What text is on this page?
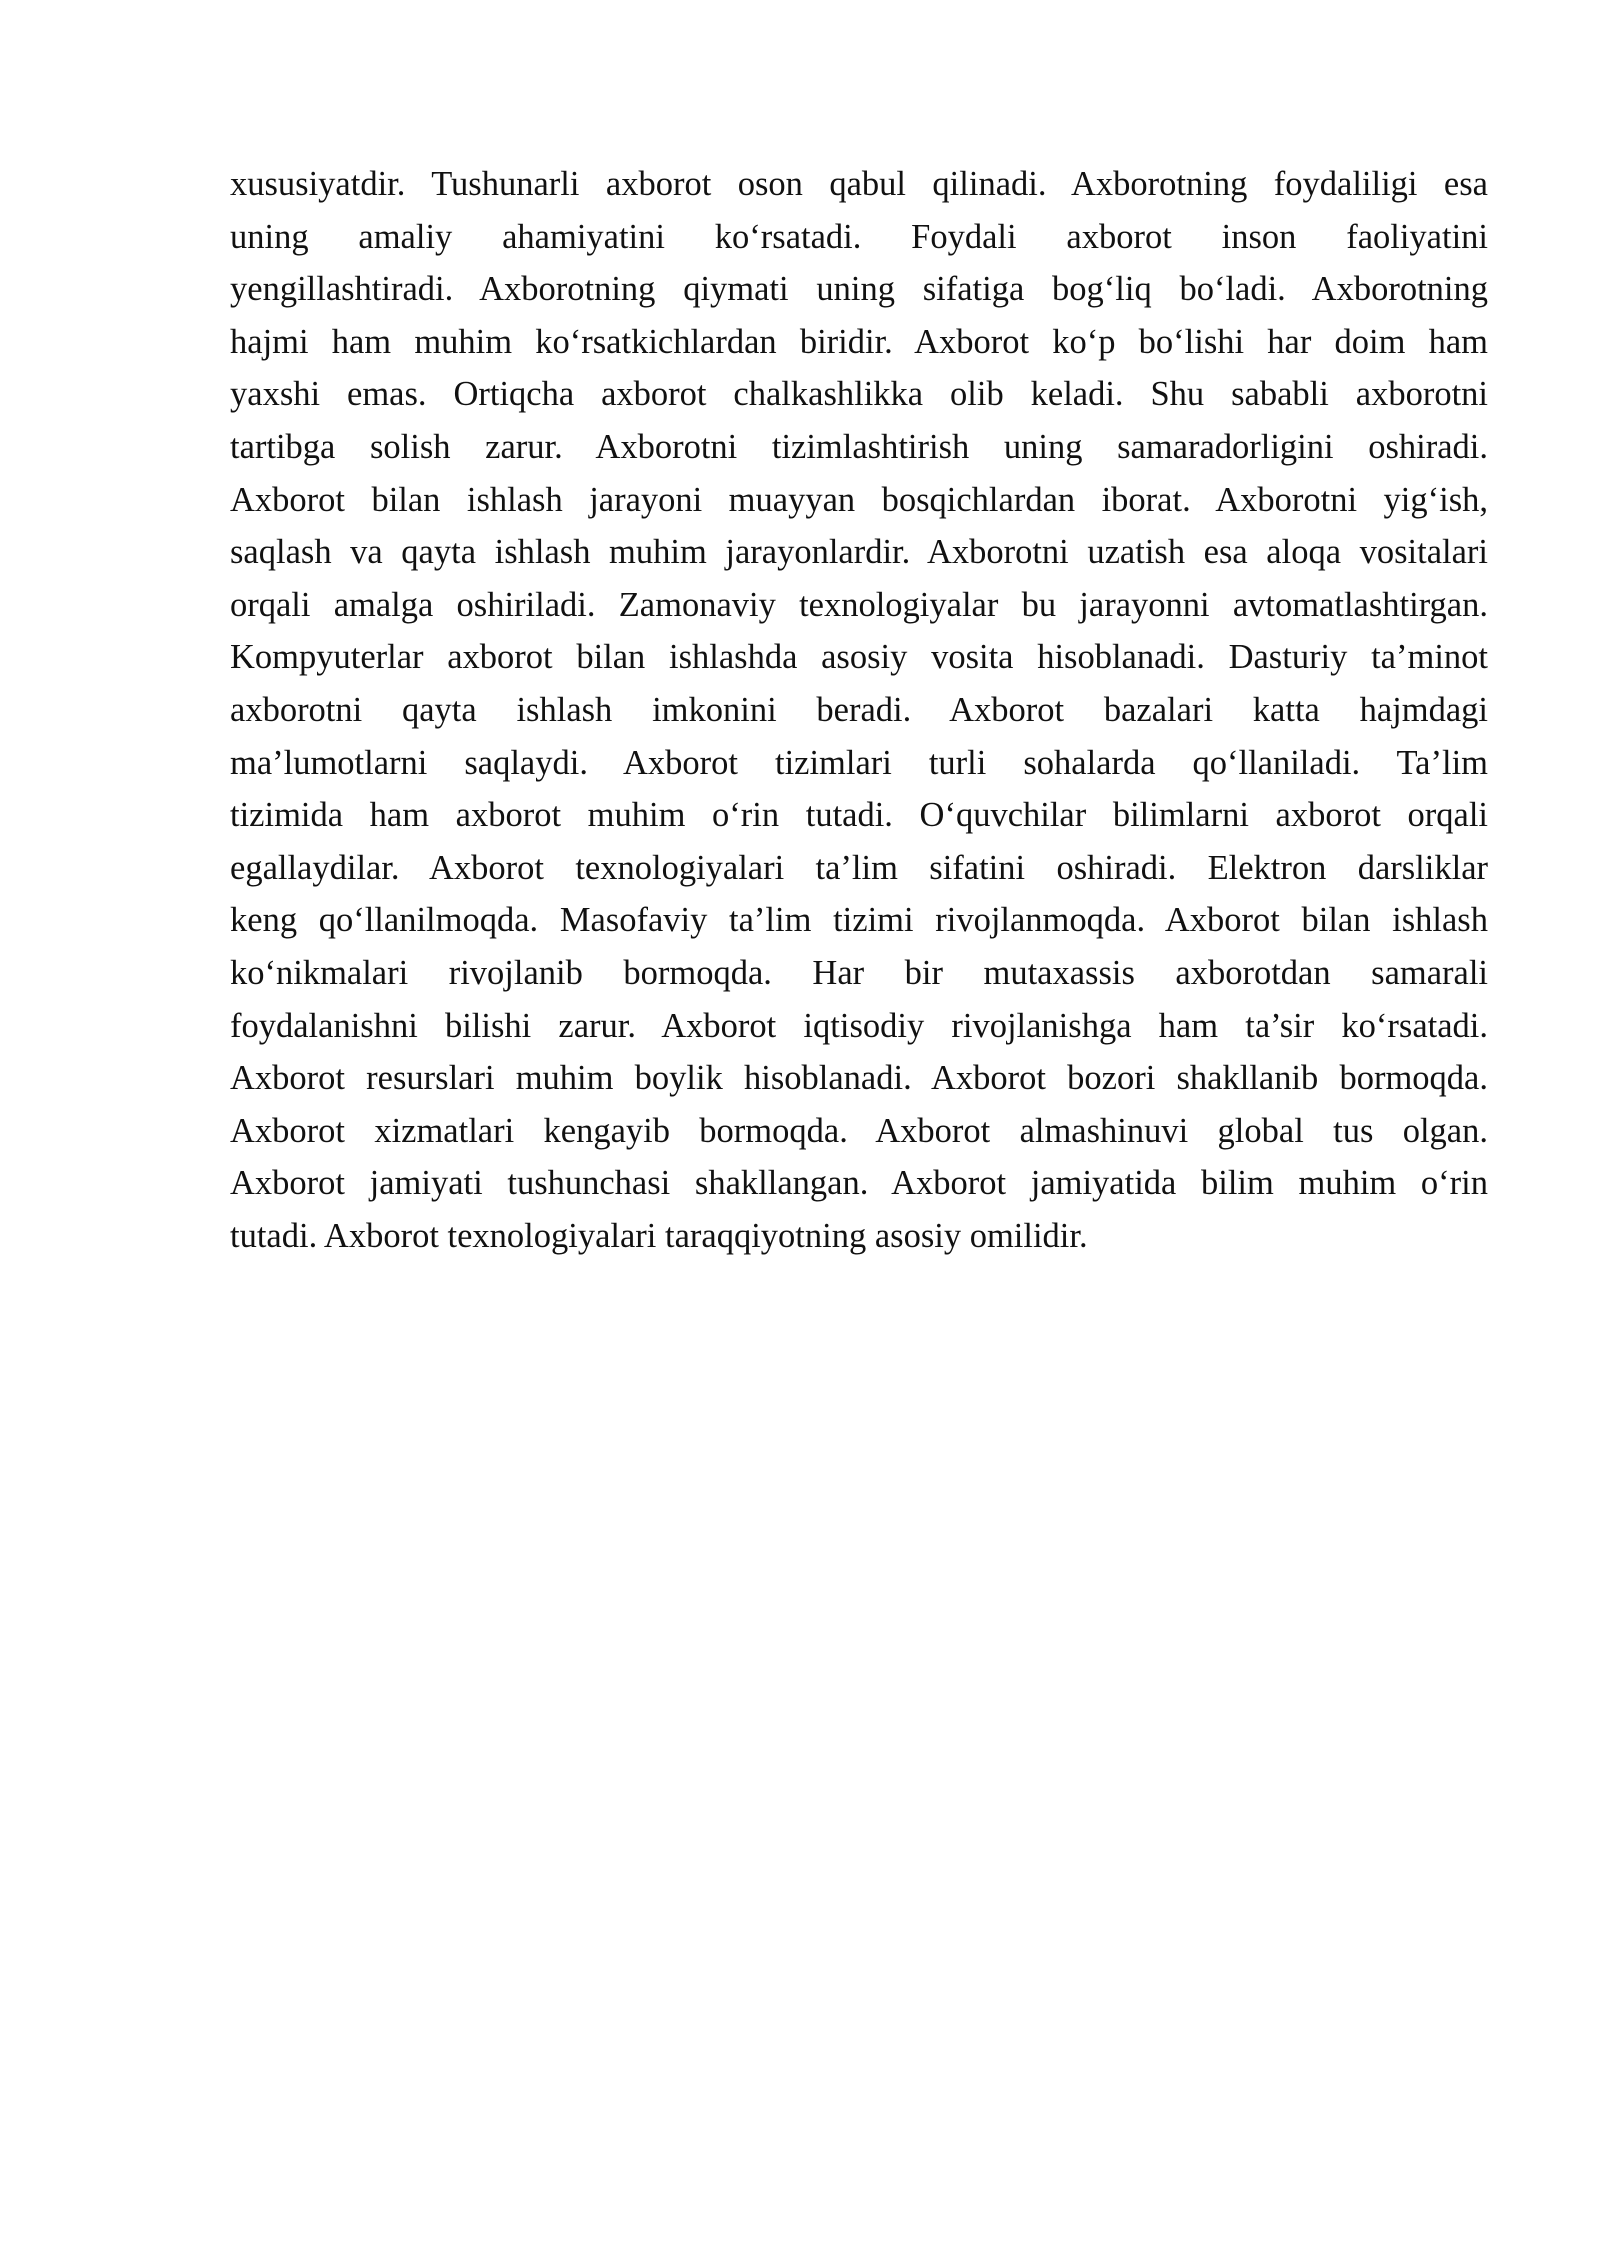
xususiyatdir. Tushunarli axborot oson qabul qilinadi. Axborotning foydaliligi esa
uning amaliy ahamiyatini ko‘rsatadi. Foydali axborot inson faoliyatini
yengillashtiradi. Axborotning qiymati uning sifatiga bog‘liq bo‘ladi. Axborotning
hajmi ham muhim ko‘rsatkichlardan biridir. Axborot ko‘p bo‘lishi har doim ham
yaxshi emas. Ortiqcha axborot chalkashlikka olib keladi. Shu sababli axborotni
tartibga solish zarur. Axborotni tizimlashtirish uning samaradorligini oshiradi.
Axborot bilan ishlash jarayoni muayyan bosqichlardan iborat. Axborotni yig‘ish,
saqlash va qayta ishlash muhim jarayonlardir. Axborotni uzatish esa aloqa vositalari
orqali amalga oshiriladi. Zamonaviy texnologiyalar bu jarayonni avtomatlashtirgan.
Kompyuterlar axborot bilan ishlashda asosiy vosita hisoblanadi. Dasturiy ta’minot
axborotni qayta ishlash imkonini beradi. Axborot bazalari katta hajmdagi
ma’lumotlarni saqlaydi. Axborot tizimlari turli sohalarda qo‘llaniladi. Ta’lim
tizimida ham axborot muhim o‘rin tutadi. O‘quvchilar bilimlarni axborot orqali
egallaydilar. Axborot texnologiyalari ta’lim sifatini oshiradi. Elektron darsliklar
keng qo‘llanilmoqda. Masofaviy ta’lim tizimi rivojlanmoqda. Axborot bilan ishlash
ko‘nikmalari rivojlanib bormoqda. Har bir mutaxassis axborotdan samarali
foydalanishni bilishi zarur. Axborot iqtisodiy rivojlanishga ham ta’sir ko‘rsatadi.
Axborot resurslari muhim boylik hisoblanadi. Axborot bozori shakllanib bormoqda.
Axborot xizmatlari kengayib bormoqda. Axborot almashinuvi global tus olgan.
Axborot jamiyati tushunchasi shakllangan. Axborot jamiyatida bilim muhim o‘rin
tutadi. Axborot texnologiyalari taraqqiyotning asosiy omilidir.
